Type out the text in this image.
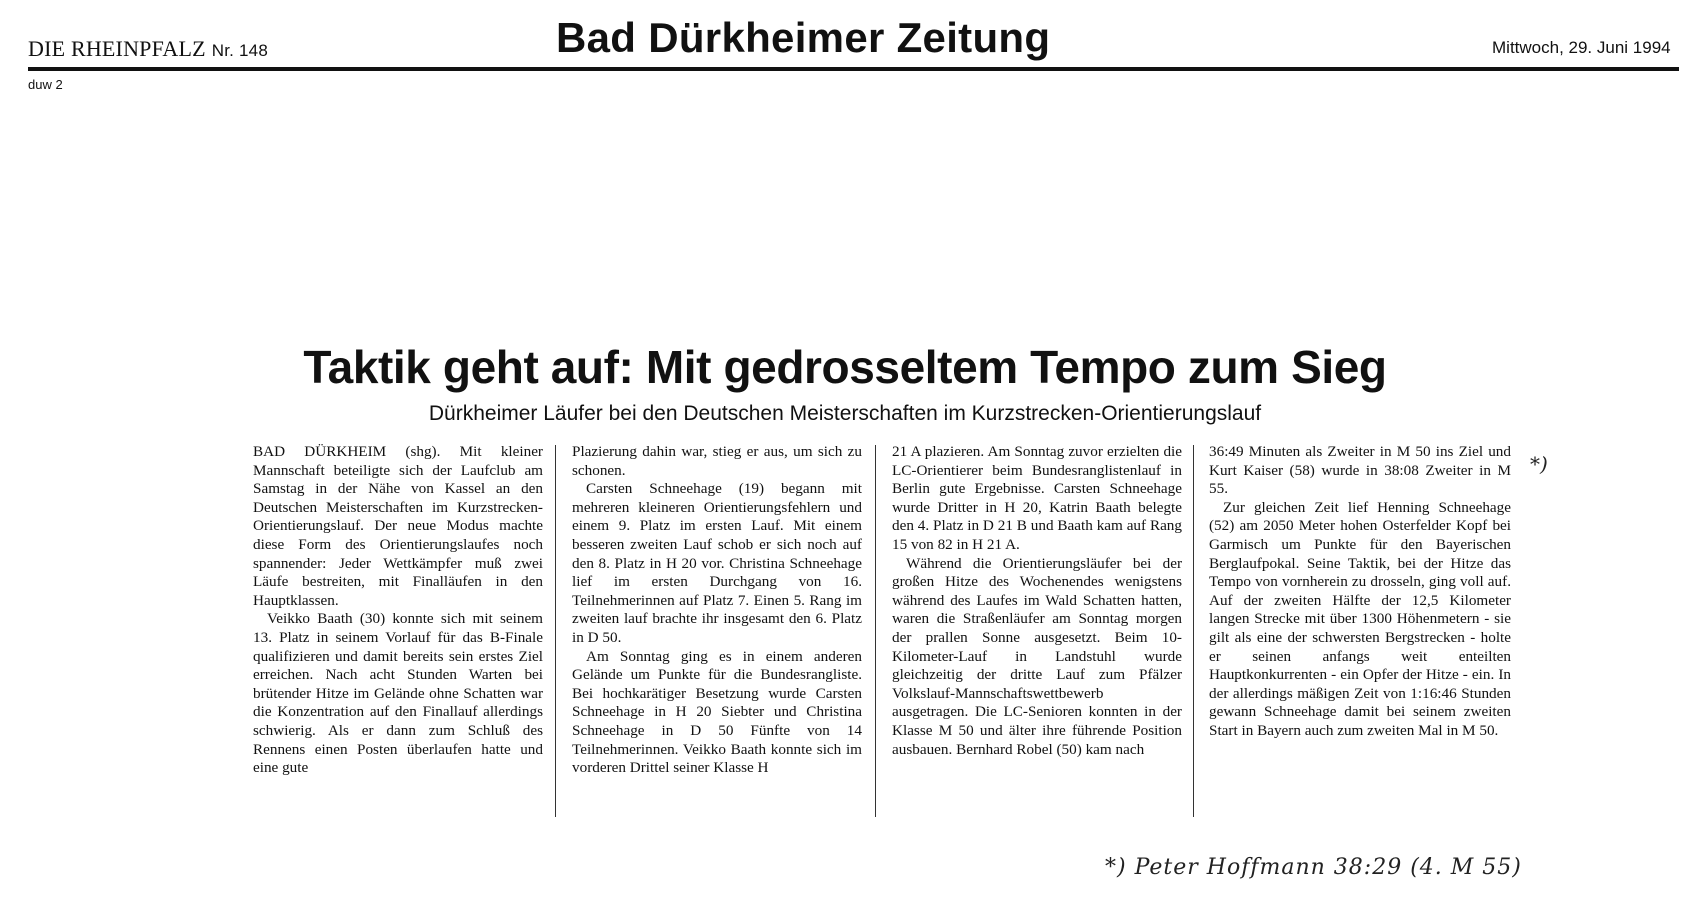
DIE RHEINPFALZ Nr. 148	Bad Dürkheimer Zeitung	Mittwoch, 29. Juni 1994
duw 2
Taktik geht auf: Mit gedrosseltem Tempo zum Sieg
Dürkheimer Läufer bei den Deutschen Meisterschaften im Kurzstrecken-Orientierungslauf

BAD DÜRKHEIM (shg). Mit kleiner Mannschaft beteiligte sich der Laufclub am Samstag in der Nähe von Kassel an den Deutschen Meisterschaften im Kurzstrecken-Orientierungslauf. Der neue Modus machte diese Form des Orientierungslaufes noch spannender: Jeder Wettkämpfer muß zwei Läufe bestreiten, mit Finalläufen in den Hauptklassen.

Veikko Baath (30) konnte sich mit seinem 13. Platz in seinem Vorlauf für das B-Finale qualifizieren und damit bereits sein erstes Ziel erreichen. Nach acht Stunden Warten bei brütender Hitze im Gelände ohne Schatten war die Konzentration auf den Finallauf allerdings schwierig. Als er dann zum Schluß des Rennens einen Posten überlaufen hatte und eine gute

Plazierung dahin war, stieg er aus, um sich zu schonen.

Carsten Schneehage (19) begann mit mehreren kleineren Orientierungsfehlern und einem 9. Platz im ersten Lauf. Mit einem besseren zweiten Lauf schob er sich noch auf den 8. Platz in H 20 vor. Christina Schneehage lief im ersten Durchgang von 16. Teilnehmerinnen auf Platz 7. Einen 5. Rang im zweiten lauf brachte ihr insgesamt den 6. Platz in D 50.

Am Sonntag ging es in einem anderen Gelände um Punkte für die Bundesrangliste. Bei hochkarätiger Besetzung wurde Carsten Schneehage in H 20 Siebter und Christina Schneehage in D 50 Fünfte von 14 Teilnehmerinnen. Veikko Baath konnte sich im vorderen Drittel seiner Klasse H

21 A plazieren. Am Sonntag zuvor erzielten die LC-Orientierer beim Bundesranglistenlauf in Berlin gute Ergebnisse. Carsten Schneehage wurde Dritter in H 20, Katrin Baath belegte den 4. Platz in D 21 B und Baath kam auf Rang 15 von 82 in H 21 A.

Während die Orientierungsläufer bei der großen Hitze des Wochenendes wenigstens während des Laufes im Wald Schatten hatten, waren die Straßenläufer am Sonntag morgen der prallen Sonne ausgesetzt. Beim 10-Kilometer-Lauf in Landstuhl wurde gleichzeitig der dritte Lauf zum Pfälzer Volkslauf-Mannschaftswettbewerb ausgetragen. Die LC-Senioren konnten in der Klasse M 50 und älter ihre führende Position ausbauen. Bernhard Robel (50) kam nach

36:49 Minuten als Zweiter in M 50 ins Ziel und Kurt Kaiser (58) wurde in 38:08 Zweiter in M 55.

Zur gleichen Zeit lief Henning Schneehage (52) am 2050 Meter hohen Osterfelder Kopf bei Garmisch um Punkte für den Bayerischen Berglaufpokal. Seine Taktik, bei der Hitze das Tempo von vornherein zu drosseln, ging voll auf. Auf der zweiten Hälfte der 12,5 Kilometer langen Strecke mit über 1300 Höhenmetern - sie gilt als eine der schwersten Bergstrecken - holte er seinen anfangs weit enteilten Hauptkonkurrenten - ein Opfer der Hitze - ein. In der allerdings mäßigen Zeit von 1:16:46 Stunden gewann Schneehage damit bei seinem zweiten Start in Bayern auch zum zweiten Mal in M 50.

*)
*) Peter Hoffmann 38:29 (4. M 55)
